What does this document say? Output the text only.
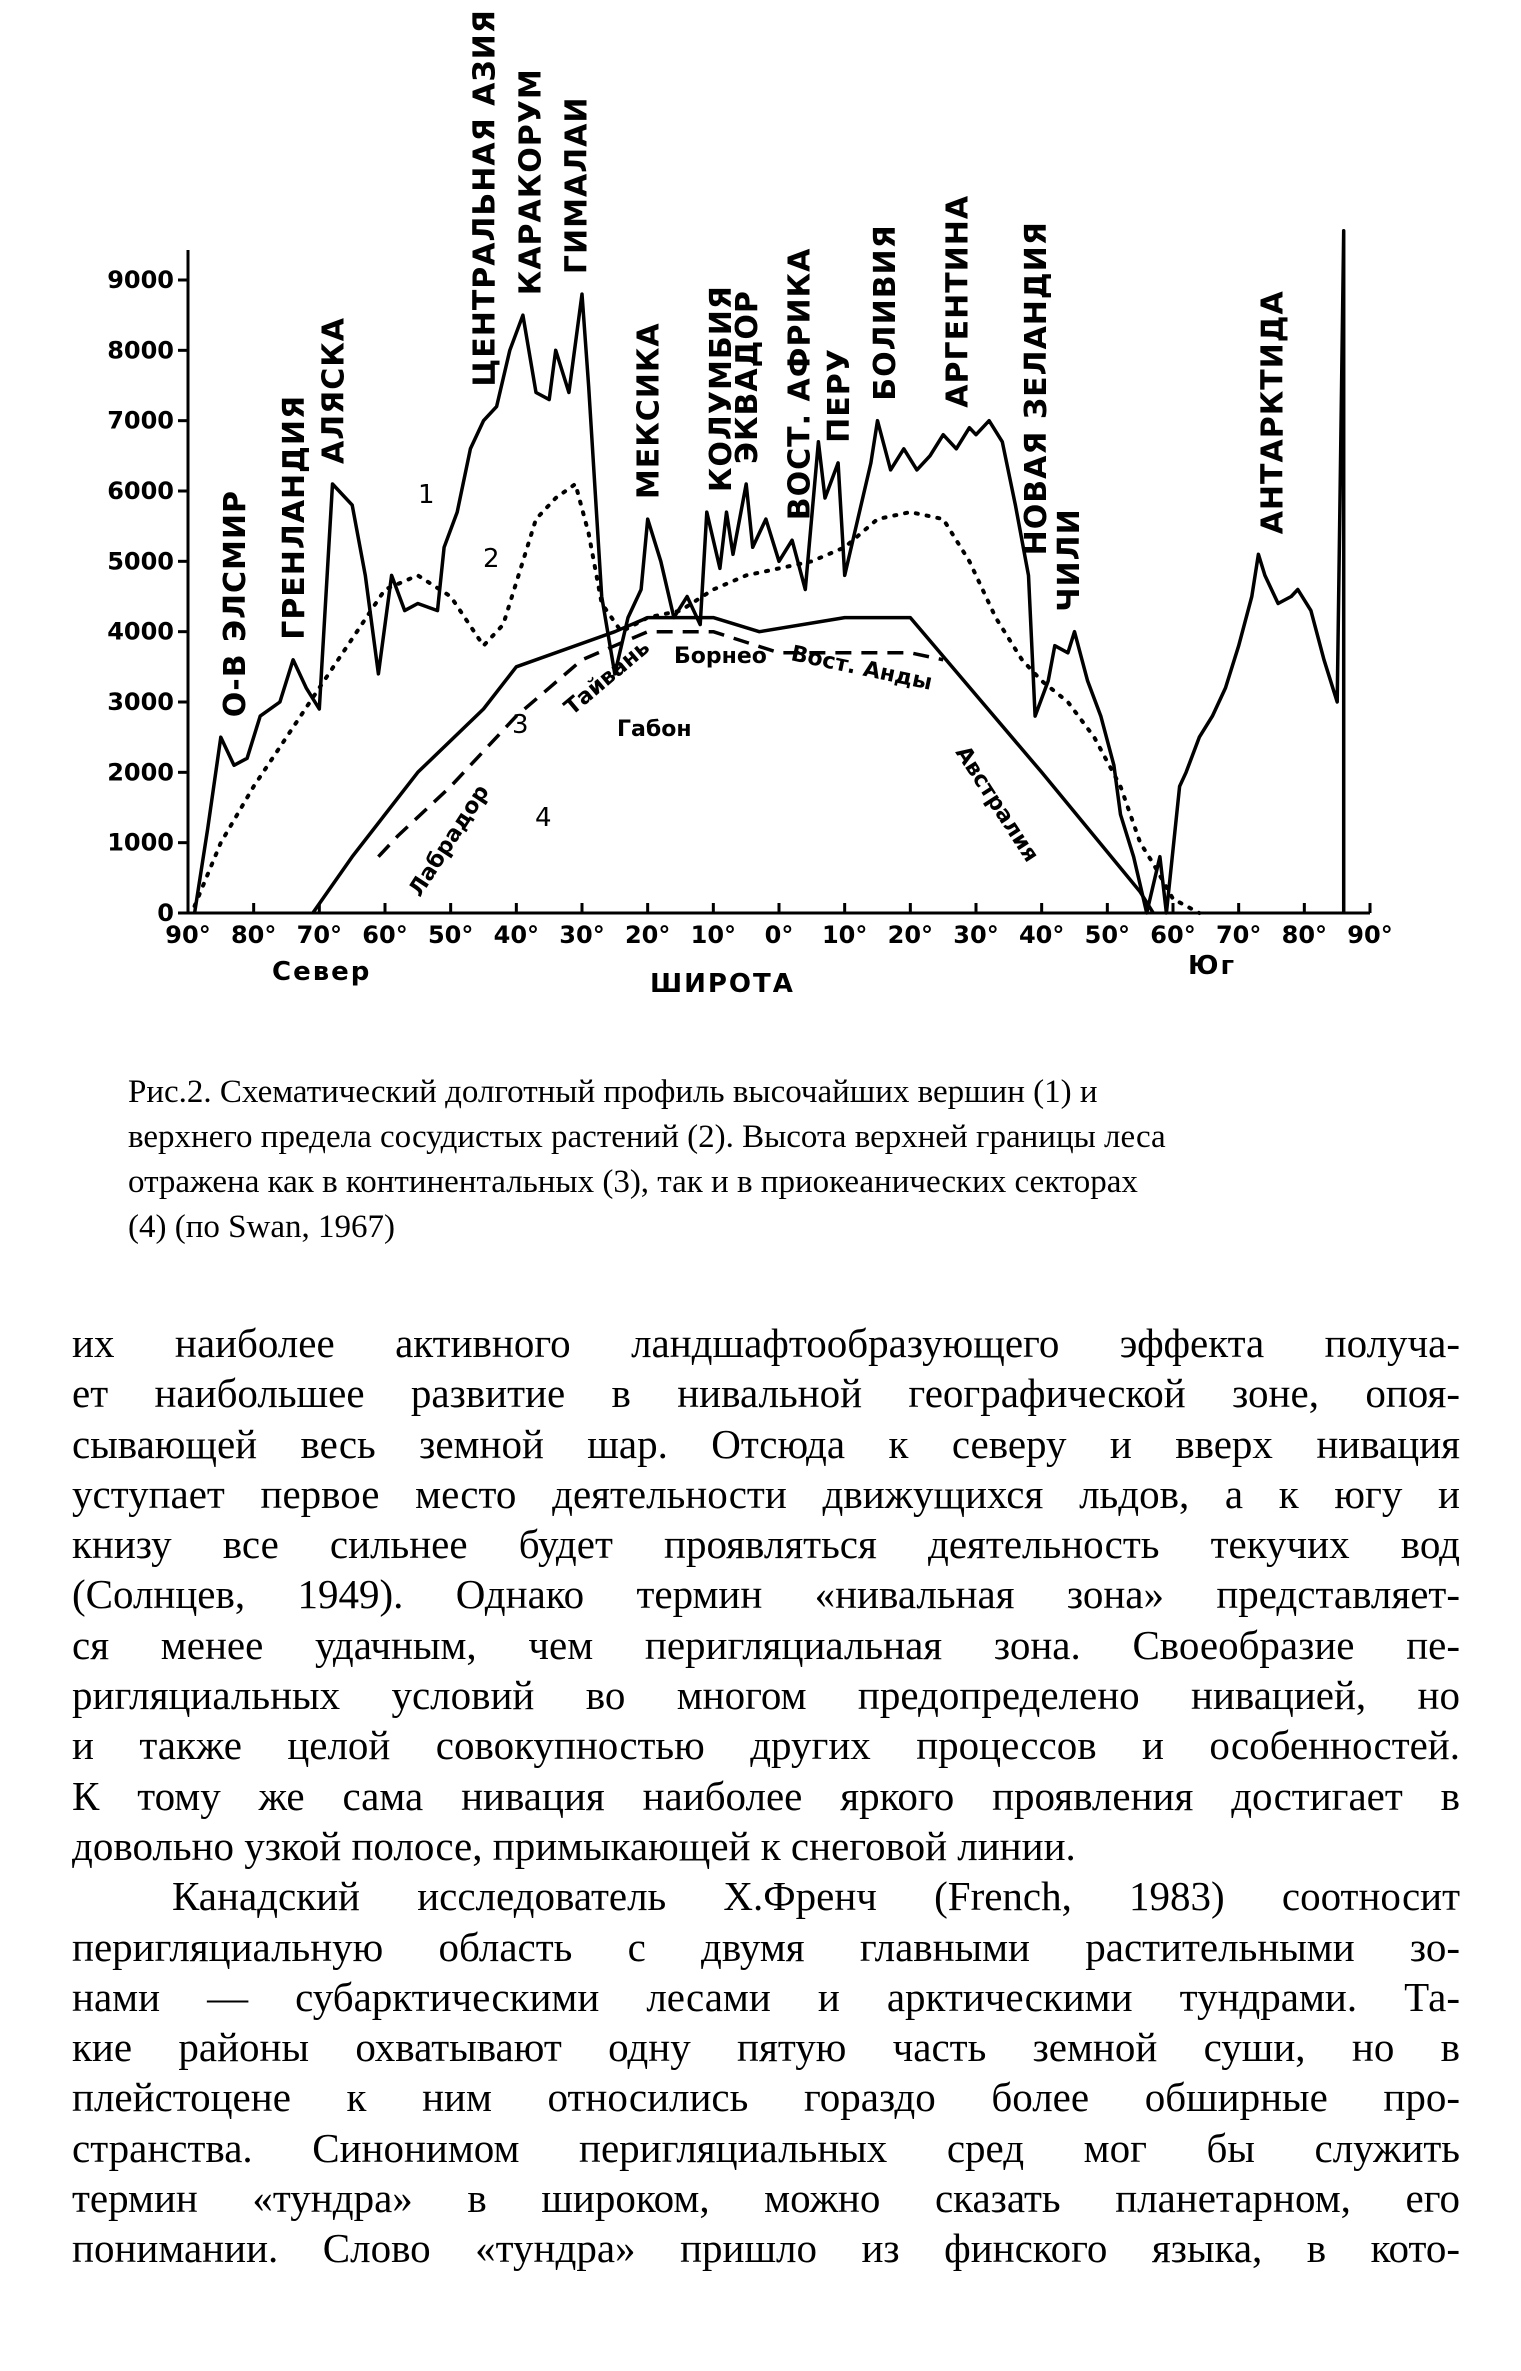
0
1000
2000
3000
4000
5000
6000
7000
8000
9000
90° 80° 70° 60° 50° 40° 30° 20° 10° 0° 10° 20° 30° 40° 50° 60° 70° 80° 90°
О-В ЭЛСМИР ГРЕНЛАНДИЯ
АЛЯСКА
ЦЕНТРАЛЬНАЯ АЗИЯ КАРАКОРУМ ГИМАЛАИ
МЕКСИКА КОЛУМБИЯ
ЭКВАДОР ВОСТ. АФРИКА ПЕРУ БОЛИВИЯ АРГЕНТИНА НОВАЯ ЗЕЛАНДИЯ
ЧИЛИ
АНТАРКТИДА
1
2
3
4
Лабрадор
Тайвань Борнео Вост. Анды
Габон
Австралия
Север	ШИРОТА
Юг

Рис.2. Схематический долготный профиль высочайших вершин (1) и
верхнего предела сосудистых растений (2). Высота верхней границы леса
отражена как в континентальных (3), так и в приокеанических секторах
(4) (по Swan, 1967)

их наиболее активного ландшафтообразующего эффекта получа-
ет наибольшее развитие в нивальной географической зоне, опоя-
сывающей весь земной шар. Отсюда к северу и вверх нивация
уступает первое место деятельности движущихся льдов, а к югу и
книзу все сильнее будет проявляться деятельность текучих вод
(Солнцев, 1949). Однако термин «нивальная зона» представляет-
ся менее удачным, чем перигляциальная зона. Своеобразие пе-
ригляциальных условий во многом предопределено нивацией, но
и также целой совокупностью других процессов и особенностей.
К тому же сама нивация наиболее яркого проявления достигает в
довольно узкой полосе, примыкающей к снеговой линии.
Канадский исследователь Х.Френч (French, 1983) соотносит
перигляциальную область с двумя главными растительными зо-
нами — субарктическими лесами и арктическими тундрами. Та-
кие районы охватывают одну пятую часть земной суши, но в
плейстоцене к ним относились гораздо более обширные про-
странства. Синонимом перигляциальных сред мог бы служить
термин «тундра» в широком, можно сказать планетарном, его
понимании. Слово «тундра» пришло из финского языка, в кото-
